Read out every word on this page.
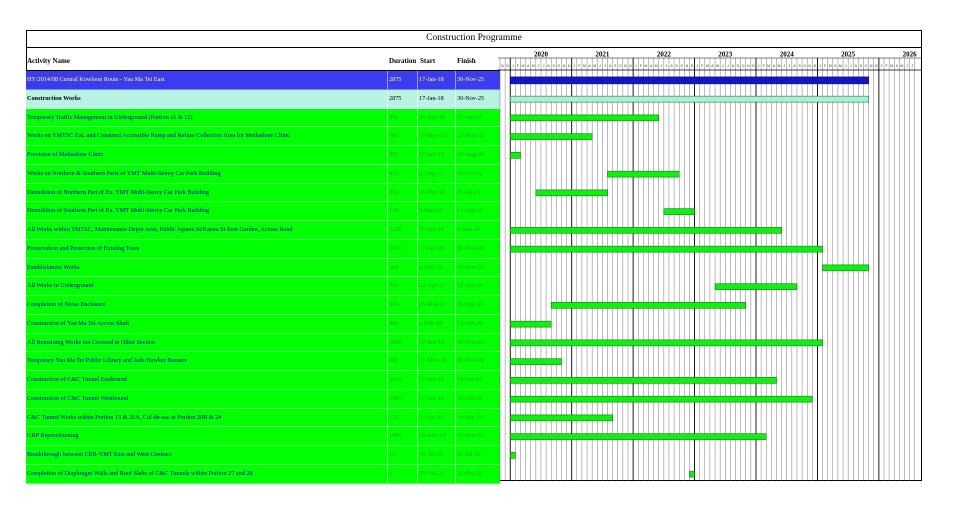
Construction Programme
Activity Name	Duration Start	Finish
HY/2014/08 Central Kowloon Route - Yau Ma Tei East	2875	17-Jan-18	30-Nov-25
Construction Works	2875	17-Jan-18	30-Nov-25
Temporary Traffic Management in Underground (Portion 11 & 12)	991	29-Sep-19	15-Jun-22
Works on YMTSC Ext. and Construct Accessible Ramp and Refuse Collection Area for Methadone Clinic	360	19-May-20	13-May-21
Provision of Methadone Clinic	952	17-Jan-18	24-Aug-20
Works on Northern & Southern Parts of YMT Multi-Storey Car Park Building	435	2-Aug-21	10-Oct-22
Demolition of Northern Part of Ex. YMT Multi-Storey Car Park Building	216	28-Dec-20	31-Jul-21
Demolition of Southern Part of Ex. YMT Multi-Storey Car Park Building	130	5-Mar-22	11-Sep-22
All Works within TMTSC, Maintenance Depot Area, Public Square St/Kansu St Rest Garden, Access Road	2236	17-Jan-18	3-Mar-24
Preservation and Protection of Existing Trees	2500	17-Jan-18	30-Nov-24
Establishment Works	369	1-Dec-24	30-Nov-25
All Works in Underground	510	22-Apr-23	12-Sep-24
Completion of Noise Enclosure	916	25-Mar-21	26-Sep-23
Construction of Yau Ma Tei Access Shaft	986	1-Feb-18	13-Oct-20
All Remaining Works not Covered in Other Section	2500	17-Jan-18	30-Nov-24
Temporary Yau Ma Tei Public Library and Jade Hawker Bazaars	989	17-Mar-18	29-Nov-20
Construction of C&C Tunnel Eastbound	2194	17-Jan-18	18-Jan-24
Construction of C&C Tunnel Westbound	2465	17-Jan-18	16-Oct-24
C&C Tunnel Works within Portion 13 & 20A, Cul-de-sac at Portion 20B & 24	1257	7-Apr-18	14-Sep-21
GRP Reprovisioning	1445	16-Dec-19	26-Nov-23
Breakthrough between CER-YMT East and West Contract	12	10-Jul-20	21-Jul-20
Completion of Diaphragm Walls and Roof Slabs of C&C Tunnels within Portion 27 and 28	1	26-Oct-22	26-Oct-22
2020	2021	2022	2023	2024	2025	2026
N D J F M A M J J A S O N D J F M A M J J A S O N D J F M A M J J A S O N D J F M A M J J A S O N D J F M A M J J A S O N D J F M A M J J A S O N D J F M A M J J
